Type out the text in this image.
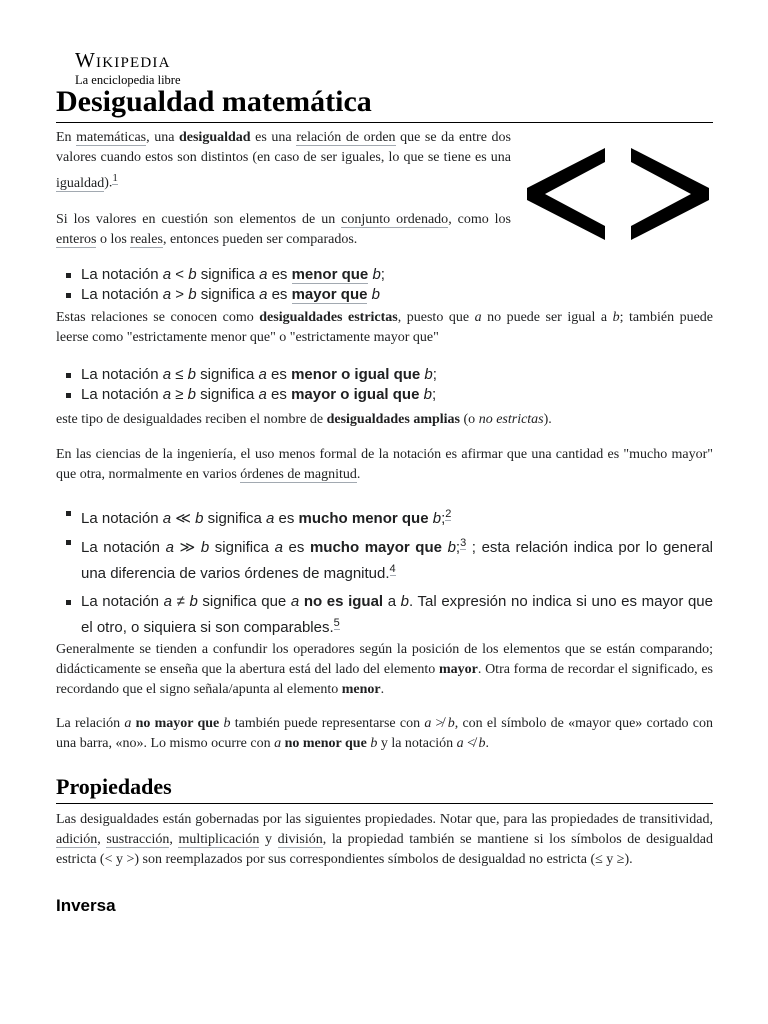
Wikipedia
La enciclopedia libre
Desigualdad matemática

En matemáticas, una desigualdad es una relación de orden que se da entre dos valores cuando estos son distintos (en caso de ser iguales, lo que se tiene es una igualdad).$^1$

Si los valores en cuestión son elementos de un conjunto ordenado, como los enteros o los reales, entonces pueden ser comparados.

La notación a < b significa a es menor que b;
La notación a > b significa a es mayor que b

Estas relaciones se conocen como desigualdades estrictas, puesto que a no puede ser igual a b; también puede leerse como "estrictamente menor que" o "estrictamente mayor que"

La notación a ≤ b significa a es menor o igual que b;
La notación a ≥ b significa a es mayor o igual que b;

este tipo de desigualdades reciben el nombre de desigualdades amplias (o no estrictas).

En las ciencias de la ingeniería, el uso menos formal de la notación es afirmar que una cantidad es "mucho mayor" que otra, normalmente en varios órdenes de magnitud.

La notación a ≪ b significa a es mucho menor que b;$^2$
La notación a ≫ b significa a es mucho mayor que b;$^3$ ; esta relación indica por lo general una diferencia de varios órdenes de magnitud.$^4$
La notación a ≠ b significa que a no es igual a b. Tal expresión no indica si uno es mayor que el otro, o siquiera si son comparables.$^5$

Generalmente se tienden a confundir los operadores según la posición de los elementos que se están comparando; didácticamente se enseña que la abertura está del lado del elemento mayor. Otra forma de recordar el significado, es recordando que el signo señala/apunta al elemento menor.

La relación a no mayor que b también puede representarse con a ≯ b, con el símbolo de «mayor que» cortado con una barra, «no». Lo mismo ocurre con a no menor que b y la notación a ≮ b.

Propiedades

Las desigualdades están gobernadas por las siguientes propiedades. Notar que, para las propiedades de transitividad, adición, sustracción, multiplicación y división, la propiedad también se mantiene si los símbolos de desigualdad estricta (< y >) son reemplazados por sus correspondientes símbolos de desigualdad no estricta (≤ y ≥).

Inversa
